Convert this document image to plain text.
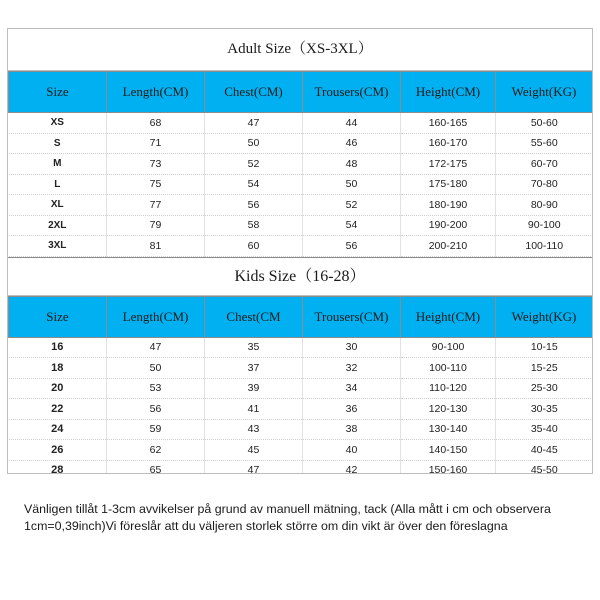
Adult Size（XS-3XL）
Size	Length(CM)	Chest(CM)	Trousers(CM)	Height(CM)	Weight(KG)
XS	68	47	44	160-165	50-60
S	71	50	46	160-170	55-60
M	73	52	48	172-175	60-70
L	75	54	50	175-180	70-80
XL	77	56	52	180-190	80-90
2XL	79	58	54	190-200	90-100
3XL	81	60	56	200-210	100-110
Kids Size（16-28）
Size	Length(CM)	Chest(CM	Trousers(CM)	Height(CM)	Weight(KG)
16	47	35	30	90-100	10-15
18	50	37	32	100-110	15-25
20	53	39	34	110-120	25-30
22	56	41	36	120-130	30-35
24	59	43	38	130-140	35-40
26	62	45	40	140-150	40-45
28	65	47	42	150-160	45-50
Vänligen tillåt 1-3cm avvikelser på grund av manuell mätning, tack (Alla mått i cm och observera 1cm=0,39inch)Vi föreslår att du väljeren storlek större om din vikt är över den föreslagna
